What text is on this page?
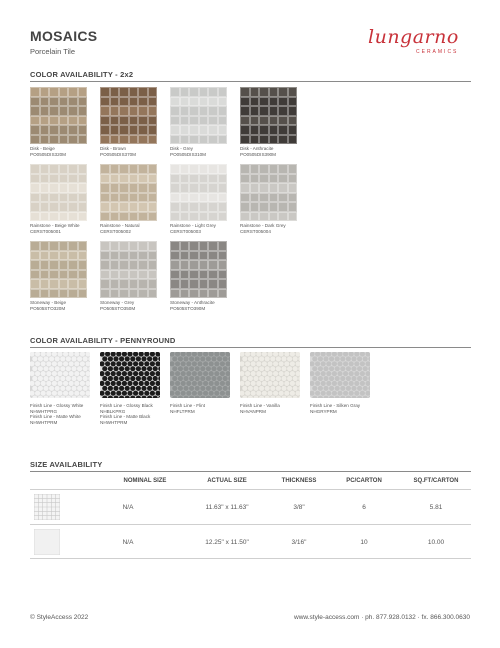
MOSAICS
Porcelain Tile
lungarno
CERAMICS
COLOR AVAILABILITY - 2x2
Disk - Beige
PO0505DIS320M
Disk - Brown
PO0505DIS370M
Disk - Grey
PO0505DIS310M
Disk - Anthracite
PO0505DIS390M
Rainstone - Beige White
CERST005001
Rainstone - Natural
CERST005002
Rainstone - Light Grey
CERST005003
Rainstone - Dark Grey
CERST005004
Stoneway - Beige
PO505STO320M
Stoneway - Grey
PO505STO350M
Stoneway - Anthracite
PO505STO390M
COLOR AVAILABILITY - PENNYROUND
Finish Line - Glossy White
NHWHTPRG
Finish Line - Matte White
NHWHTPRM
Finish Line - Glossy Black
NHBLKPRG
Finish Line - Matte Black
NHWHTPRM
Finish Line - Flint
NHFLTPRM
Finish Line - Vanilla
NHVANPRM
Finish Line - Silken Gray
NHGRYPRM
SIZE AVAILABILITY
NOMINAL SIZE	ACTUAL SIZE	THICKNESS	PC/CARTON	SQ.FT/CARTON
N/A	11.63" x 11.63"	3/8"	6	5.81
N/A	12.25" x 11.50"	3/16"	10	10.00
© StyleAccess 2022	www.style-access.com · ph. 877.928.0132 · fx. 866.300.0630
